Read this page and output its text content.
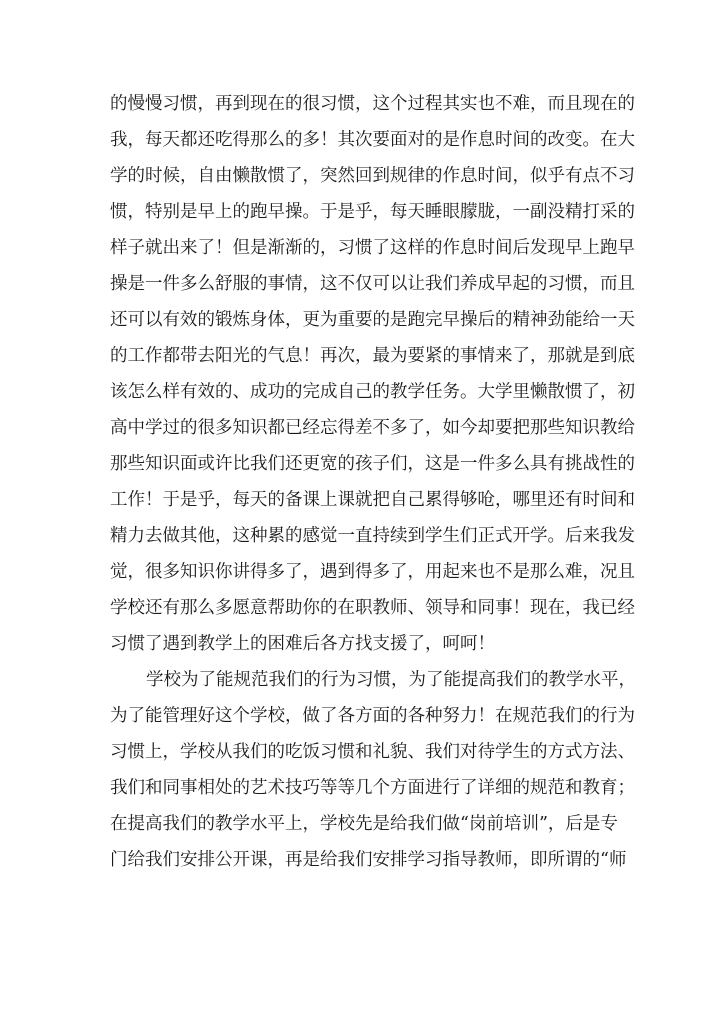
的慢慢习惯，再到现在的很习惯，这个过程其实也不难，而且现在的
我，每天都还吃得那么的多！其次要面对的是作息时间的改变。在大
学的时候，自由懒散惯了，突然回到规律的作息时间，似乎有点不习
惯，特别是早上的跑早操。于是乎，每天睡眼朦胧，一副没精打采的
样子就出来了！但是渐渐的，习惯了这样的作息时间后发现早上跑早
操是一件多么舒服的事情，这不仅可以让我们养成早起的习惯，而且
还可以有效的锻炼身体，更为重要的是跑完早操后的精神劲能给一天
的工作都带去阳光的气息！再次，最为要紧的事情来了，那就是到底
该怎么样有效的、成功的完成自己的教学任务。大学里懒散惯了，初
高中学过的很多知识都已经忘得差不多了，如今却要把那些知识教给
那些知识面或许比我们还更宽的孩子们，这是一件多么具有挑战性的
工作！于是乎，每天的备课上课就把自己累得够呛，哪里还有时间和
精力去做其他，这种累的感觉一直持续到学生们正式开学。后来我发
觉，很多知识你讲得多了，遇到得多了，用起来也不是那么难，况且
学校还有那么多愿意帮助你的在职教师、领导和同事！现在，我已经
习惯了遇到教学上的困难后各方找支援了，呵呵！
学校为了能规范我们的行为习惯，为了能提高我们的教学水平，
为了能管理好这个学校，做了各方面的各种努力！在规范我们的行为
习惯上，学校从我们的吃饭习惯和礼貌、我们对待学生的方式方法、
我们和同事相处的艺术技巧等等几个方面进行了详细的规范和教育；
在提高我们的教学水平上，学校先是给我们做“岗前培训”，后是专
门给我们安排公开课，再是给我们安排学习指导教师，即所谓的“师
